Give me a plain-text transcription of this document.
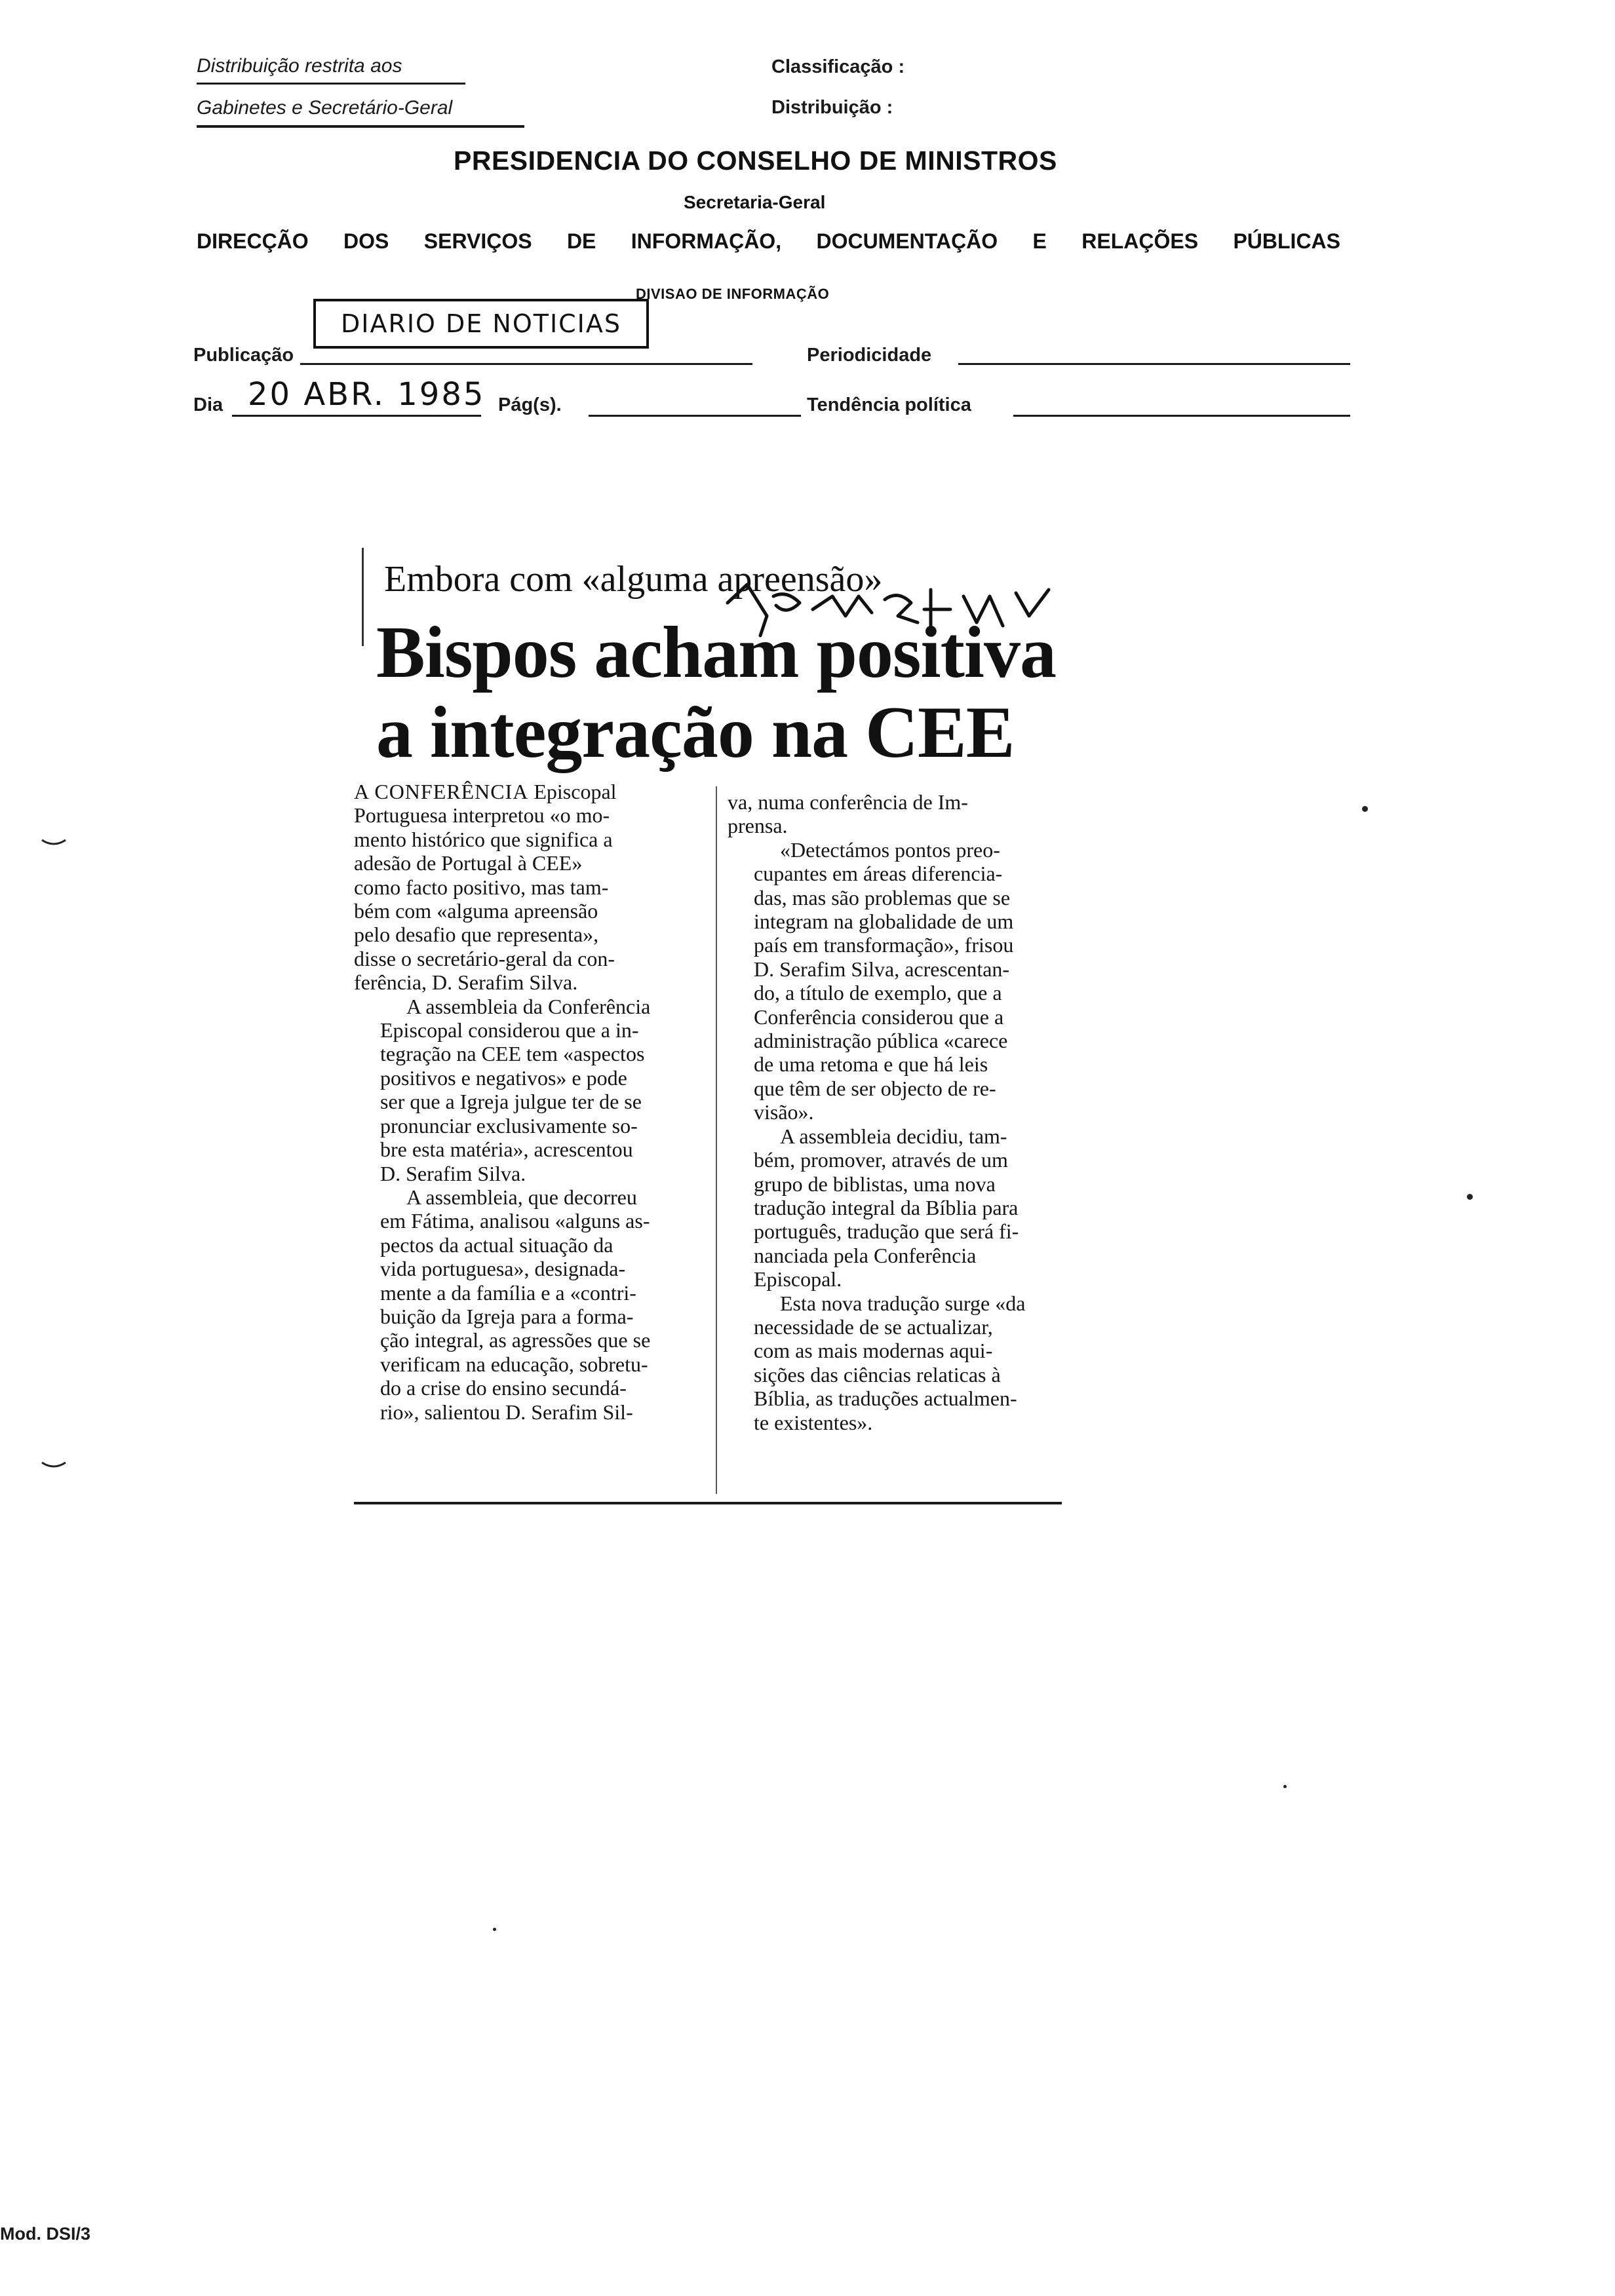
Distribuição restrita aos
Gabinetes e Secretário-Geral
Classificação :
Distribuição :
PRESIDENCIA DO CONSELHO DE MINISTROS
Secretaria-Geral
DIRECÇÃO DOS SERVIÇOS DE INFORMAÇÃO, DOCUMENTAÇÃO E RELAÇÕES PÚBLICAS
DIVISAO DE INFORMAÇÃO
DIARIO DE NOTICIAS
Publicação	Periodicidade
Dia 20 ABR. 1985 Pág(s).	Tendência política
Embora com «alguma apreensão»
Bispos acham positiva
a integração na CEE

A CONFERÊNCIA Episcopal
Portuguesa interpretou «o mo-
mento histórico que significa a
adesão de Portugal à CEE»
como facto positivo, mas tam-
bém com «alguma apreensão
pelo desafio que representa»,
disse o secretário-geral da con-
ferência, D. Serafim Silva.

A assembleia da Conferência
Episcopal considerou que a in-
tegração na CEE tem «aspectos
positivos e negativos» e pode
ser que a Igreja julgue ter de se
pronunciar exclusivamente so-
bre esta matéria», acrescentou
D. Serafim Silva.

A assembleia, que decorreu
em Fátima, analisou «alguns as-
pectos da actual situação da
vida portuguesa», designada-
mente a da família e a «contri-
buição da Igreja para a forma-
ção integral, as agressões que se
verificam na educação, sobretu-
do a crise do ensino secundá-
rio», salientou D. Serafim Sil-

va, numa conferência de Im-
prensa.

«Detectámos pontos preo-
cupantes em áreas diferencia-
das, mas são problemas que se
integram na globalidade de um
país em transformação», frisou
D. Serafim Silva, acrescentan-
do, a título de exemplo, que a
Conferência considerou que a
administração pública «carece
de uma retoma e que há leis
que têm de ser objecto de re-
visão».

A assembleia decidiu, tam-
bém, promover, através de um
grupo de biblistas, uma nova
tradução integral da Bíblia para
português, tradução que será fi-
nanciada pela Conferência
Episcopal.

Esta nova tradução surge «da
necessidade de se actualizar,
com as mais modernas aqui-
sições das ciências relaticas à
Bíblia, as traduções actualmen-
te existentes».

Mod. DSI/3
